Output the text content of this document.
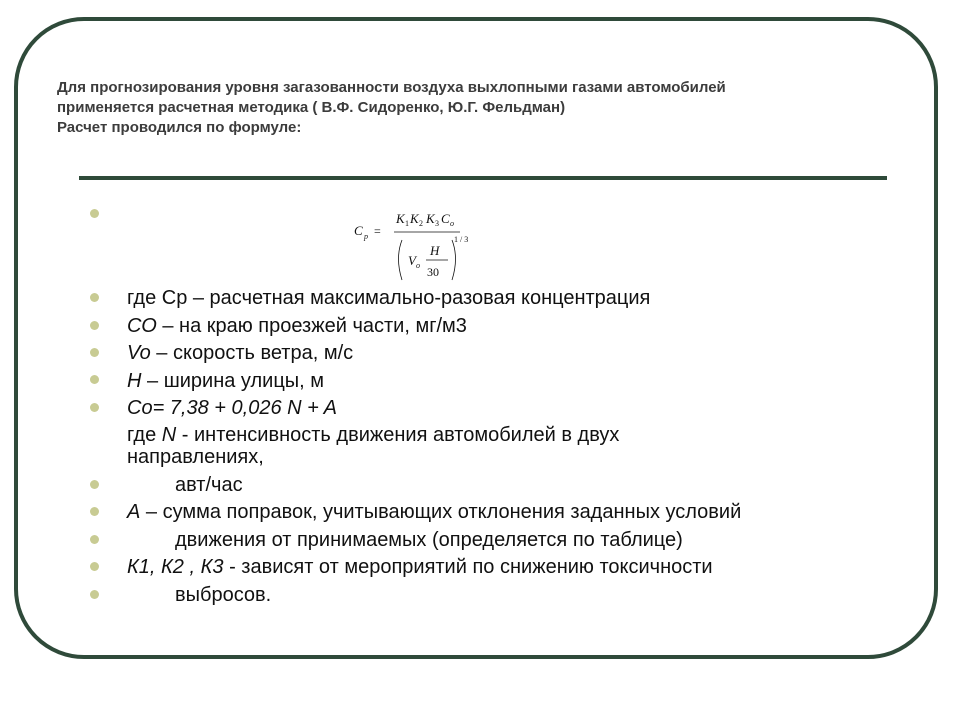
Для прогнозирования уровня загазованности воздуха выхлопными газами автомобилей
применяется расчетная методика ( В.Ф. Сидоренко, Ю.Г. Фельдман)
Расчет проводился по формуле:
C p =
K 1 K 2 K 3 C o
V o
H
30
1 / 3
где Ср – расчетная максимально-разовая концентрация
СО – на краю проезжей части, мг/м3
Vo – скорость ветра, м/с
H – ширина улицы, м
Со= 7,38 + 0,026 N + A
где N - интенсивность движения автомобилей в двух
направлениях,
авт/час
А – сумма поправок, учитывающих отклонения заданных условий
движения от принимаемых (определяется по таблице)
К1, К2 , К3 - зависят от мероприятий по снижению токсичности
выбросов.
